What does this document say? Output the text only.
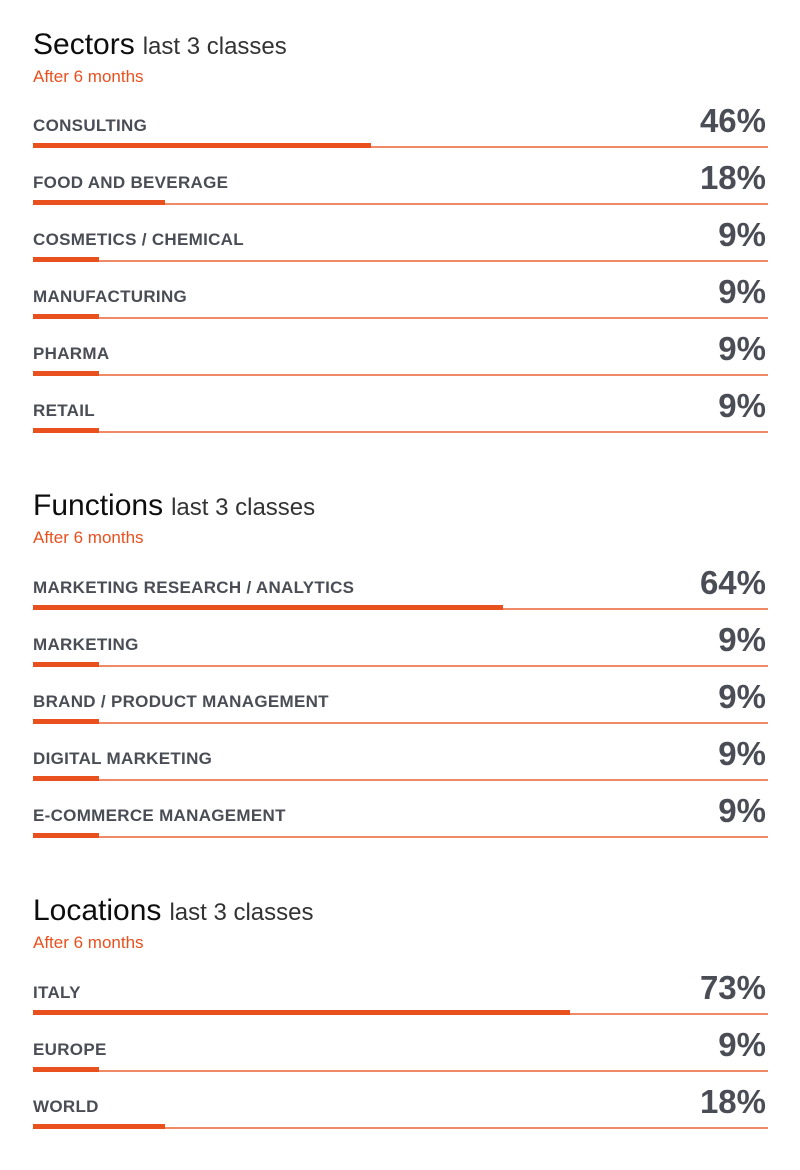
Sectors last 3 classes
After 6 months
CONSULTING	46%
FOOD AND BEVERAGE	18%
COSMETICS / CHEMICAL	9%
MANUFACTURING	9%
PHARMA	9%
RETAIL	9%
Functions last 3 classes
After 6 months
MARKETING RESEARCH / ANALYTICS	64%
MARKETING	9%
BRAND / PRODUCT MANAGEMENT	9%
DIGITAL MARKETING	9%
E-COMMERCE MANAGEMENT	9%
Locations last 3 classes
After 6 months
ITALY	73%
EUROPE	9%
WORLD	18%
